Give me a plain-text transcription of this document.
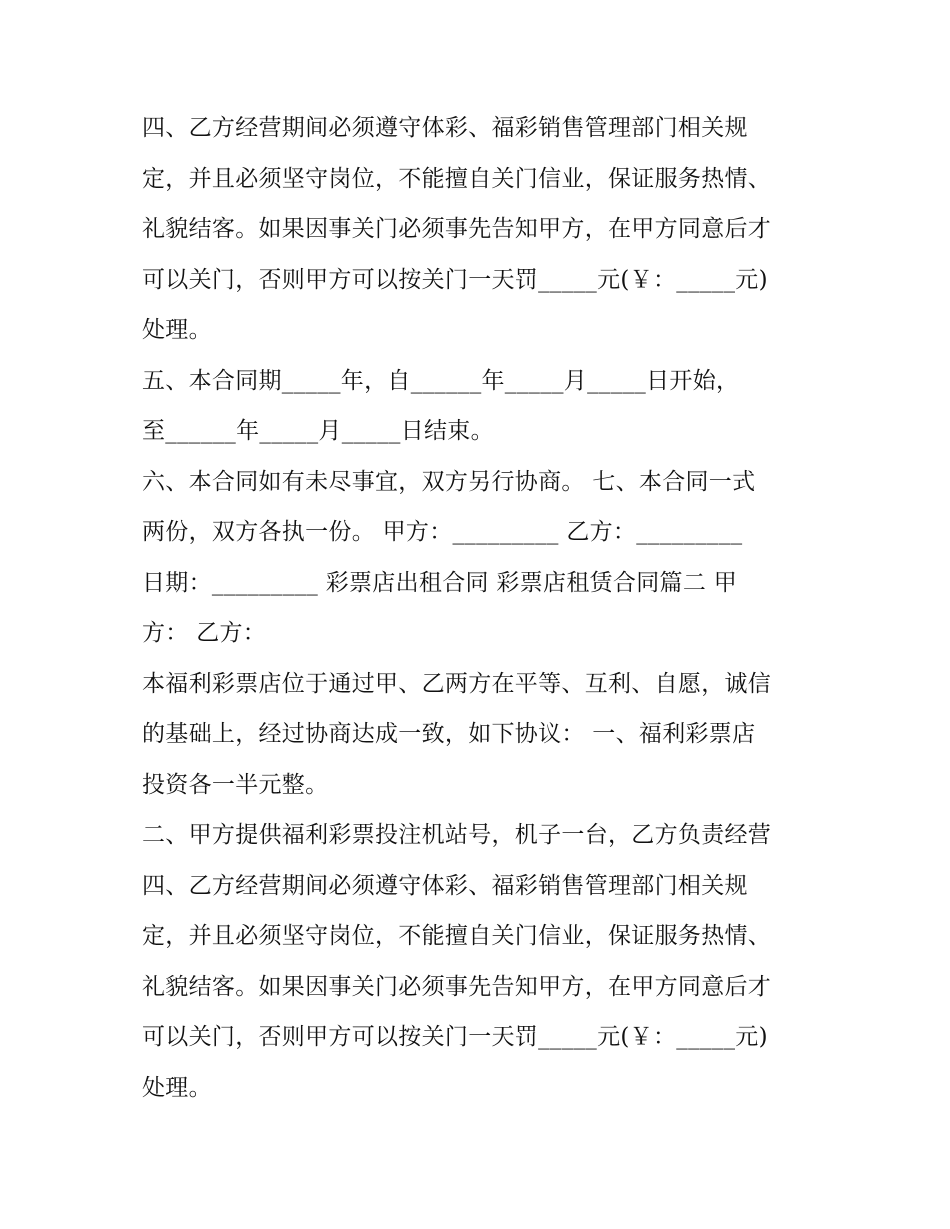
四、乙方经营期间必须遵守体彩、福彩销售管理部门相关规
定，并且必须坚守岗位，不能擅自关门信业，保证服务热情、
礼貌结客。如果因事关门必须事先告知甲方，在甲方同意后才
可以关门，否则甲方可以按关门一天罚_____元(￥：_____元)
处理。
五、本合同期_____年，自______年_____月_____日开始，
至______年_____月_____日结束。
六、本合同如有未尽事宜，双方另行协商。 七、本合同一式
两份，双方各执一份。 甲方：_________ 乙方：_________
日期：_________ 彩票店出租合同 彩票店租赁合同篇二 甲
方： 乙方：
本福利彩票店位于通过甲、乙两方在平等、互利、自愿，诚信
的基础上，经过协商达成一致，如下协议： 一、福利彩票店
投资各一半元整。
二、甲方提供福利彩票投注机站号，机子一台，乙方负责经营
四、乙方经营期间必须遵守体彩、福彩销售管理部门相关规
定，并且必须坚守岗位，不能擅自关门信业，保证服务热情、
礼貌结客。如果因事关门必须事先告知甲方，在甲方同意后才
可以关门，否则甲方可以按关门一天罚_____元(￥：_____元)
处理。
